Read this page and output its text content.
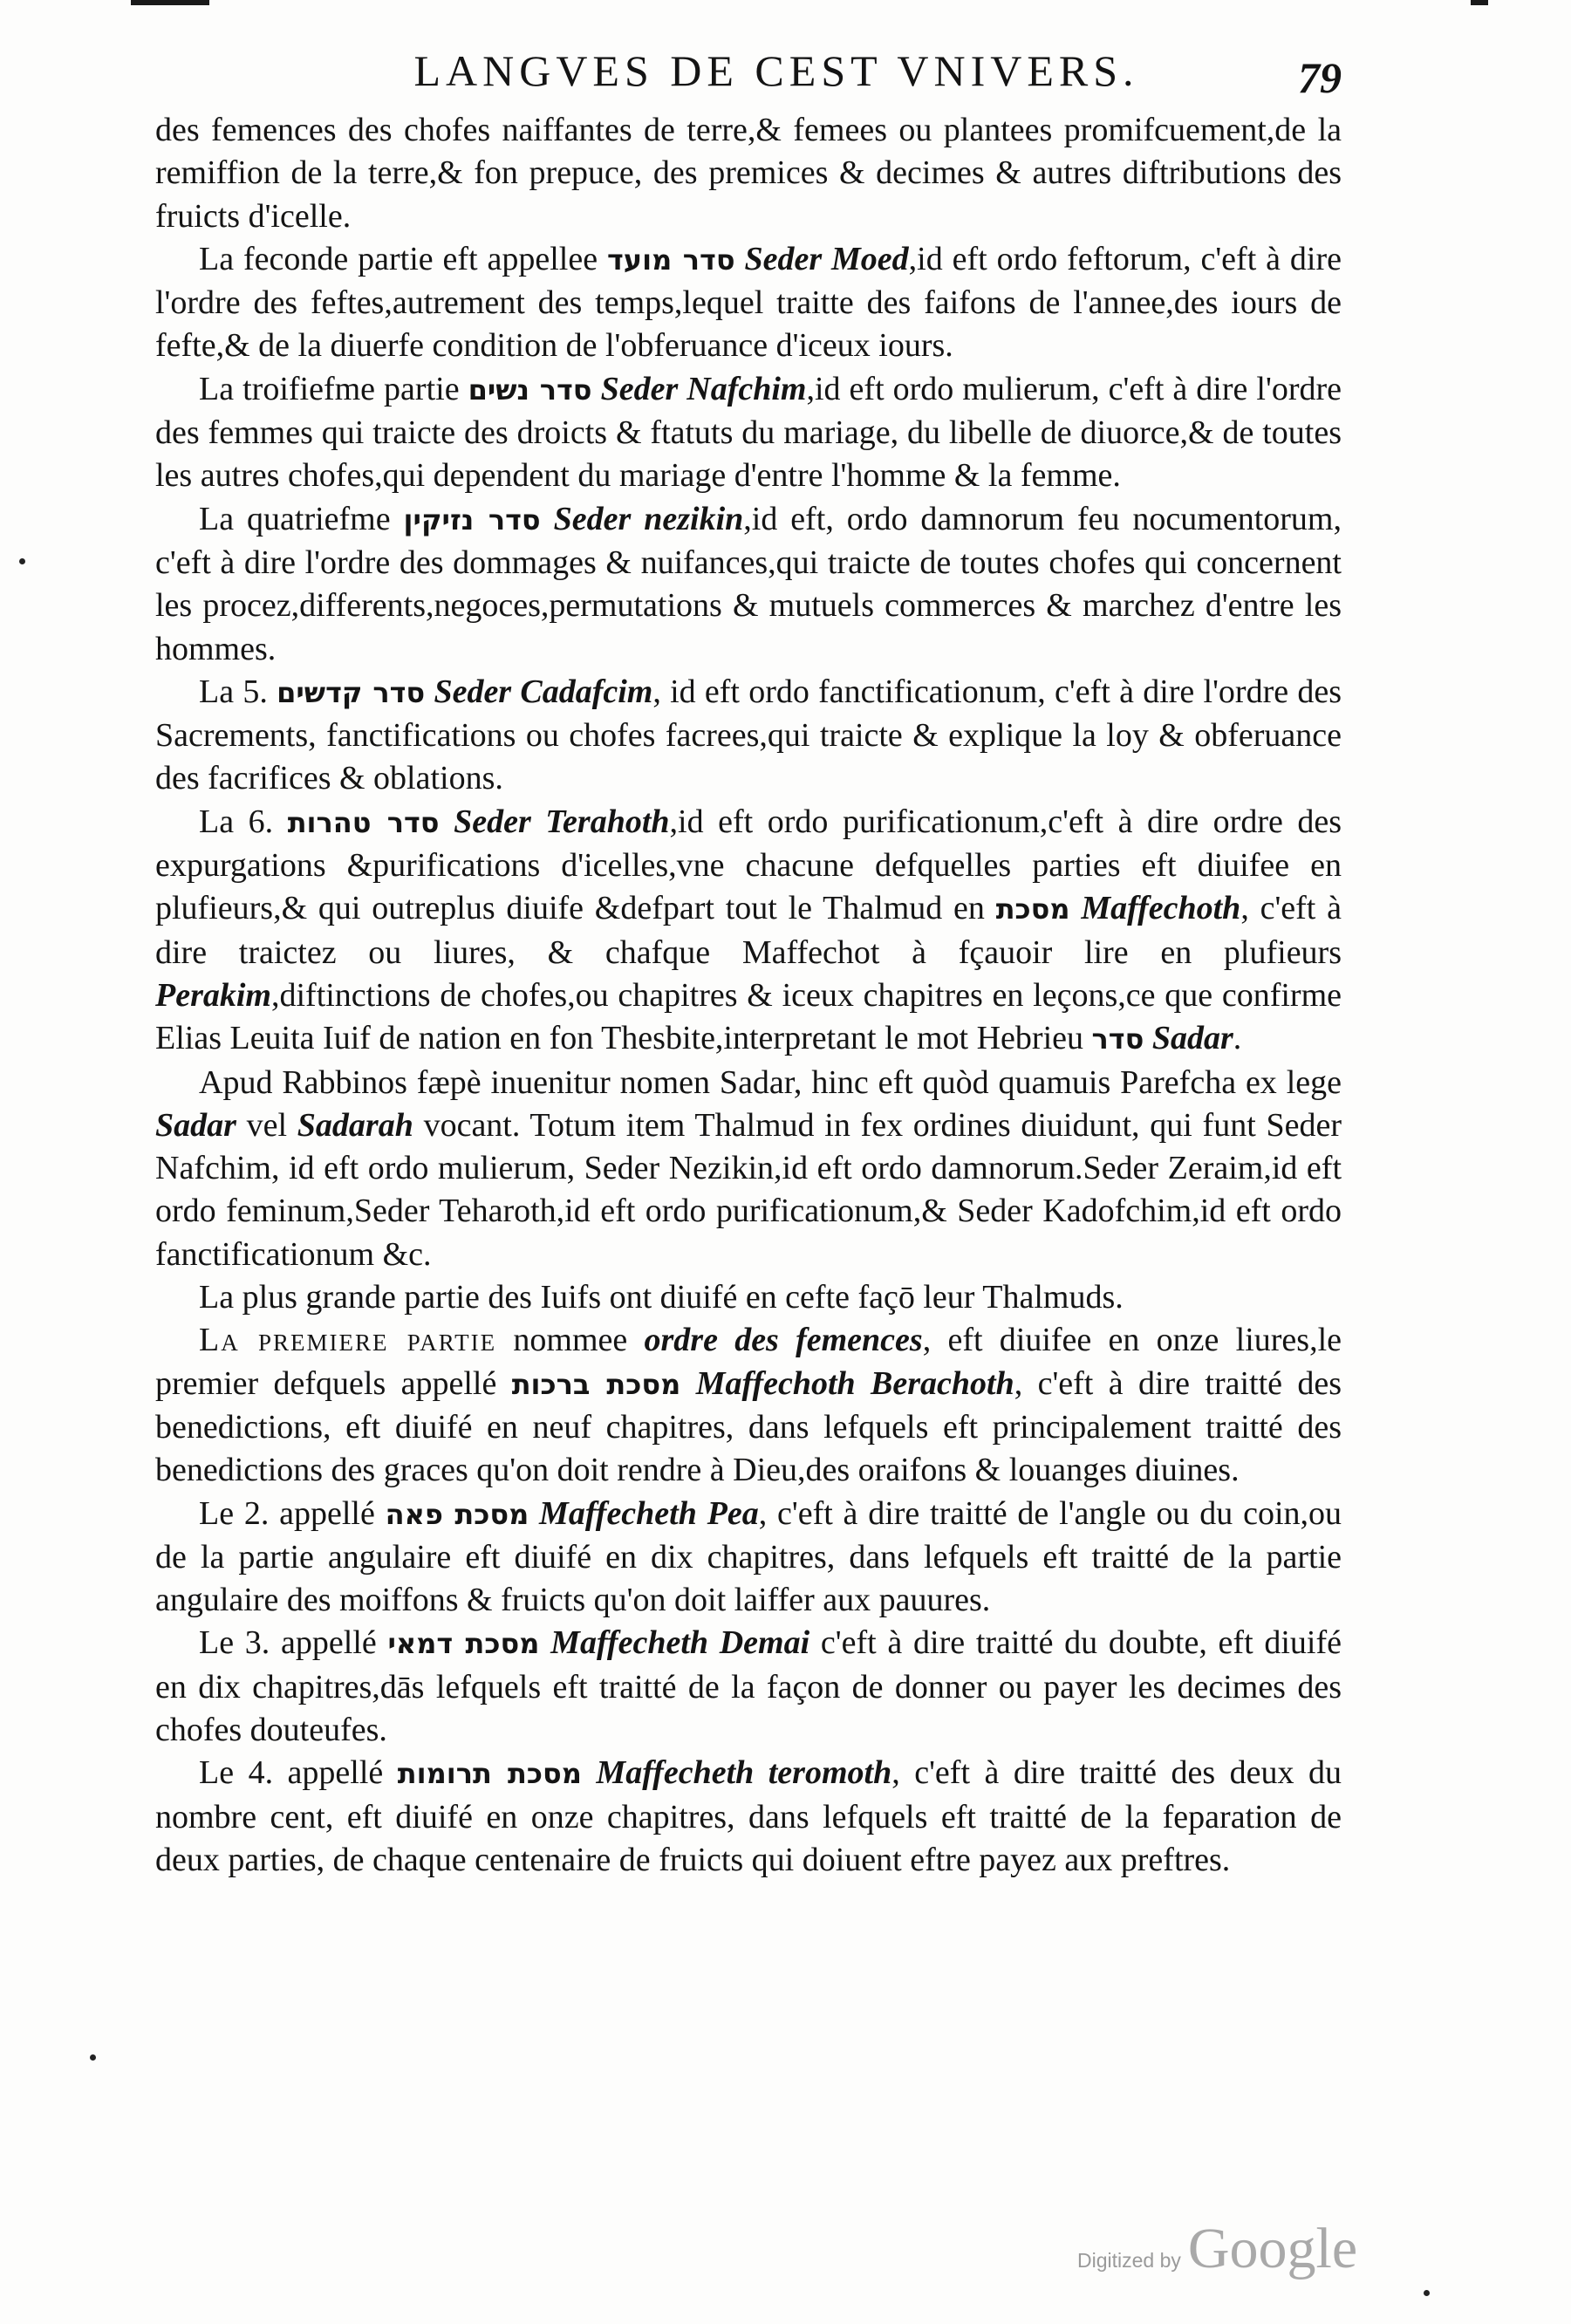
LANGVES DE CEST VNIVERS.	79

des femences des chofes naiffantes de terre,& femees ou plantees promifcuement,de la remiffion de la terre,& fon prepuce, des premices & decimes & autres diftributions des fruicts d'icelle.

La feconde partie eft appellee סדר מועד Seder Moed,id eft ordo feftorum, c'eft à dire l'ordre des feftes,autrement des temps,lequel traitte des faifons de l'annee,des iours de fefte,& de la diuerfe condition de l'obferuance d'iceux iours.

La troifiefme partie סדר נשים Seder Nafchim,id eft ordo mulierum, c'eft à dire l'ordre des femmes qui traicte des droicts & ftatuts du mariage, du libelle de diuorce,& de toutes les autres chofes,qui dependent du mariage d'entre l'homme & la femme.

La quatriefme סדר נזיקין Seder nezikin,id eft, ordo damnorum feu nocumentorum, c'eft à dire l'ordre des dommages & nuifances,qui traicte de toutes chofes qui concernent les procez,differents,negoces,permutations & mutuels commerces & marchez d'entre les hommes.

La 5. סדר קדשים Seder Cadafcim, id eft ordo fanctificationum, c'eft à dire l'ordre des Sacrements, fanctifications ou chofes facrees,qui traicte & explique la loy & obferuance des facrifices & oblations.

La 6. סדר טהרות Seder Terahoth,id eft ordo purificationum,c'eft à dire ordre des expurgations &purifications d'icelles,vne chacune defquelles parties eft diuifee en plufieurs,& qui outreplus diuife &defpart tout le Thalmud en מסכת Maffechoth, c'eft à dire traictez ou liures, & chafque Maffechot à fçauoir lire en plufieurs Perakim,diftinctions de chofes,ou chapitres & iceux chapitres en leçons,ce que confirme Elias Leuita Iuif de nation en fon Thesbite,interpretant le mot Hebrieu סדר Sadar.

Apud Rabbinos fæpè inuenitur nomen Sadar, hinc eft quòd quamuis Parefcha ex lege Sadar vel Sadarah vocant. Totum item Thalmud in fex ordines diuidunt, qui funt Seder Nafchim, id eft ordo mulierum, Seder Nezikin,id eft ordo damnorum.Seder Zeraim,id eft ordo feminum,Seder Teharoth,id eft ordo purificationum,& Seder Kadofchim,id eft ordo fanctificationum &c.

La plus grande partie des Iuifs ont diuifé en cefte façō leur Thalmuds.

La premiere partie nommee ordre des femences, eft diuifee en onze liures,le premier defquels appellé מסכת ברכות Maffechoth Berachoth, c'eft à dire traitté des benedictions, eft diuifé en neuf chapitres, dans lefquels eft principalement traitté des benedictions des graces qu'on doit rendre à Dieu,des oraifons & louanges diuines.

Le 2. appellé מסכת פאה Maffecheth Pea, c'eft à dire traitté de l'angle ou du coin,ou de la partie angulaire eft diuifé en dix chapitres, dans lefquels eft traitté de la partie angulaire des moiffons & fruicts qu'on doit laiffer aux pauures.

Le 3. appellé מסכת דמאי Maffecheth Demai c'eft à dire traitté du doubte, eft diuifé en dix chapitres,dās lefquels eft traitté de la façon de donner ou payer les decimes des chofes douteufes.

Le 4. appellé מסכת תרומות Maffecheth teromoth, c'eft à dire traitté des deux du nombre cent, eft diuifé en onze chapitres, dans lefquels eft traitté de la feparation de deux parties, de chaque centenaire de fruicts qui doiuent eftre payez aux preftres.

Digitized by Google
